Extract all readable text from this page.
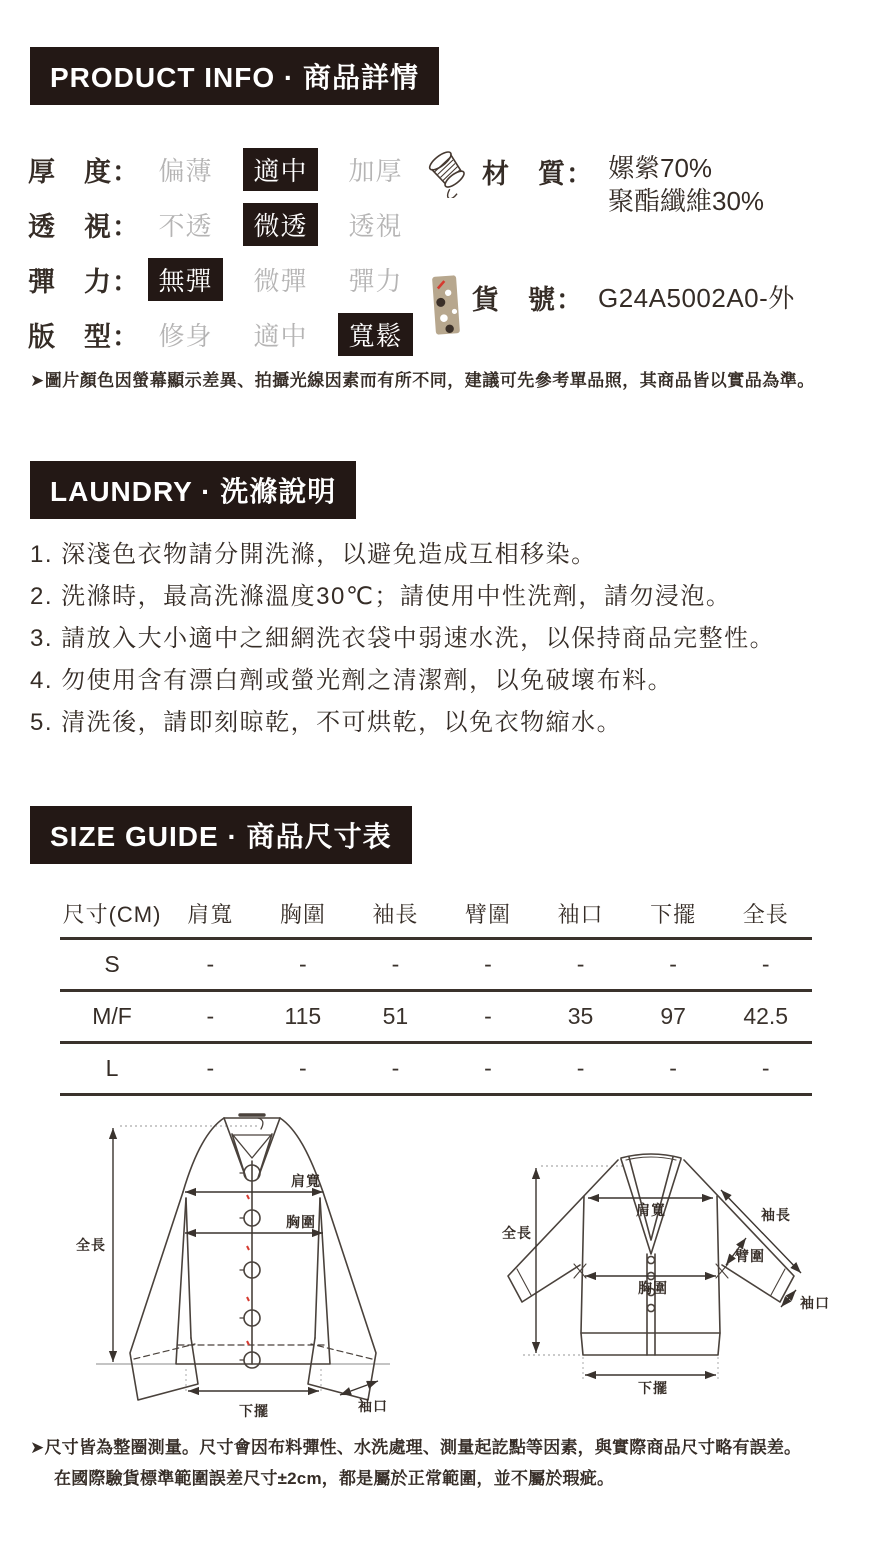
PRODUCT INFO · 商品詳情
厚　度： 偏薄	適中	加厚
透　視： 不透	微透	透視
彈　力： 無彈	微彈 彈力
版　型： 修身 適中	寬鬆
材　質： 嫘縈70%
聚酯纖維30%
貨　號： G24A5002A0-外
➤圖片顏色因螢幕顯示差異、拍攝光線因素而有所不同，建議可先參考單品照，其商品皆以實品為準。
LAUNDRY · 洗滌說明
1. 深淺色衣物請分開洗滌，以避免造成互相移染。
2. 洗滌時，最高洗滌溫度30℃；請使用中性洗劑，請勿浸泡。
3. 請放入大小適中之細網洗衣袋中弱速水洗，以保持商品完整性。
4. 勿使用含有漂白劑或螢光劑之清潔劑，以免破壞布料。
5. 清洗後，請即刻晾乾，不可烘乾，以免衣物縮水。
SIZE GUIDE · 商品尺寸表
尺寸(CM)	肩寬	胸圍	袖長	臂圍	袖口	下擺	全長
S	-	-	-	-	-	-	-
M/F	-	115	51	-	35	97	42.5
L	-	-	-	-	-	-	-
全長
肩寬
胸圍
下擺	袖口
全長
肩寬	袖長
臂圍
胸圍
袖口
下擺
➤尺寸皆為整圈測量。尺寸會因布料彈性、水洗處理、測量起訖點等因素，與實際商品尺寸略有誤差。
在國際驗貨標準範圍誤差尺寸±2cm，都是屬於正常範圍，並不屬於瑕疵。
